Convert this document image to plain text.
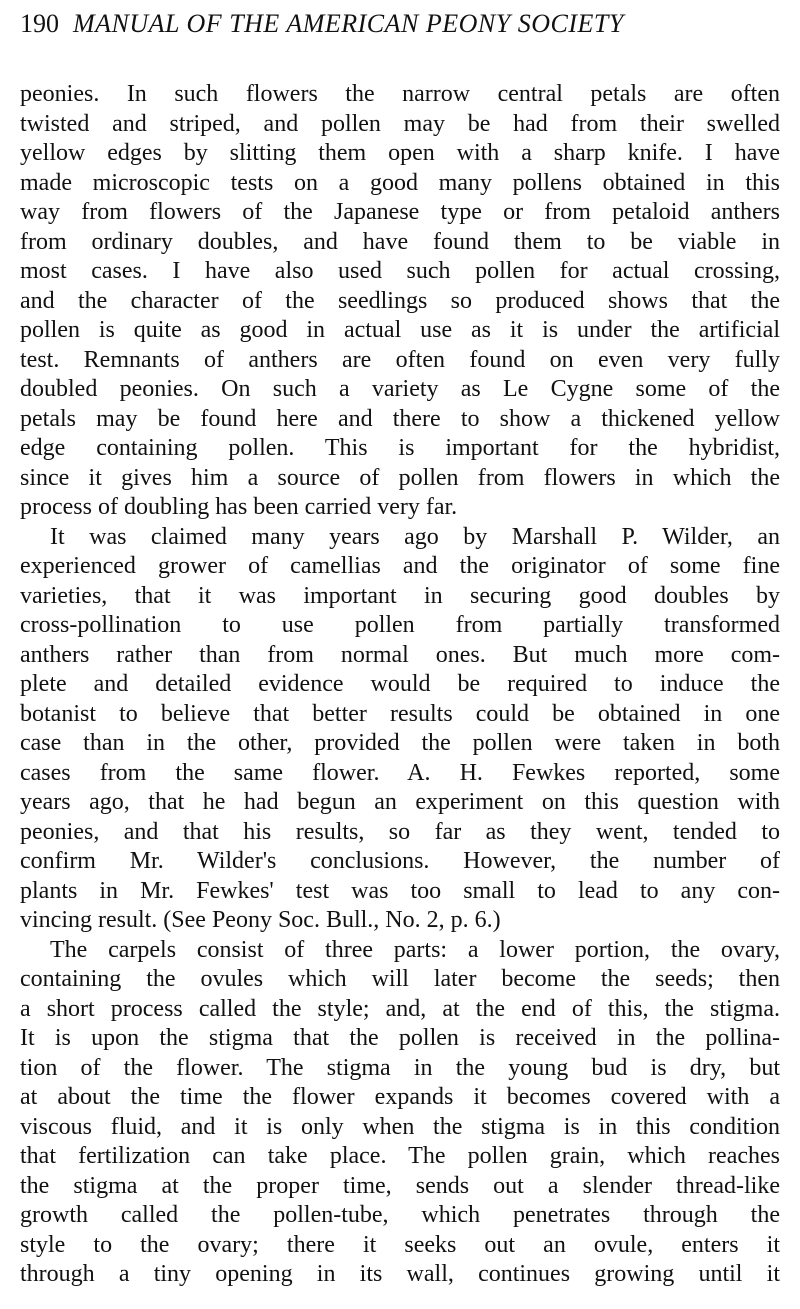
190 MANUAL OF THE AMERICAN PEONY SOCIETY
peonies. In such flowers the narrow central petals are often
twisted and striped, and pollen may be had from their swelled
yellow edges by slitting them open with a sharp knife. I have
made microscopic tests on a good many pollens obtained in this
way from flowers of the Japanese type or from petaloid anthers
from ordinary doubles, and have found them to be viable in
most cases. I have also used such pollen for actual crossing,
and the character of the seedlings so produced shows that the
pollen is quite as good in actual use as it is under the artificial
test. Remnants of anthers are often found on even very fully
doubled peonies. On such a variety as Le Cygne some of the
petals may be found here and there to show a thickened yellow
edge containing pollen. This is important for the hybridist,
since it gives him a source of pollen from flowers in which the
process of doubling has been carried very far.
It was claimed many years ago by Marshall P. Wilder, an
experienced grower of camellias and the originator of some fine
varieties, that it was important in securing good doubles by
cross-pollination to use pollen from partially transformed
anthers rather than from normal ones. But much more com-
plete and detailed evidence would be required to induce the
botanist to believe that better results could be obtained in one
case than in the other, provided the pollen were taken in both
cases from the same flower. A. H. Fewkes reported, some
years ago, that he had begun an experiment on this question with
peonies, and that his results, so far as they went, tended to
confirm Mr. Wilder's conclusions. However, the number of
plants in Mr. Fewkes' test was too small to lead to any con-
vincing result. (See Peony Soc. Bull., No. 2, p. 6.)
The carpels consist of three parts: a lower portion, the ovary,
containing the ovules which will later become the seeds; then
a short process called the style; and, at the end of this, the stigma.
It is upon the stigma that the pollen is received in the pollina-
tion of the flower. The stigma in the young bud is dry, but
at about the time the flower expands it becomes covered with a
viscous fluid, and it is only when the stigma is in this condition
that fertilization can take place. The pollen grain, which reaches
the stigma at the proper time, sends out a slender thread-like
growth called the pollen-tube, which penetrates through the
style to the ovary; there it seeks out an ovule, enters it
through a tiny opening in its wall, continues growing until it
